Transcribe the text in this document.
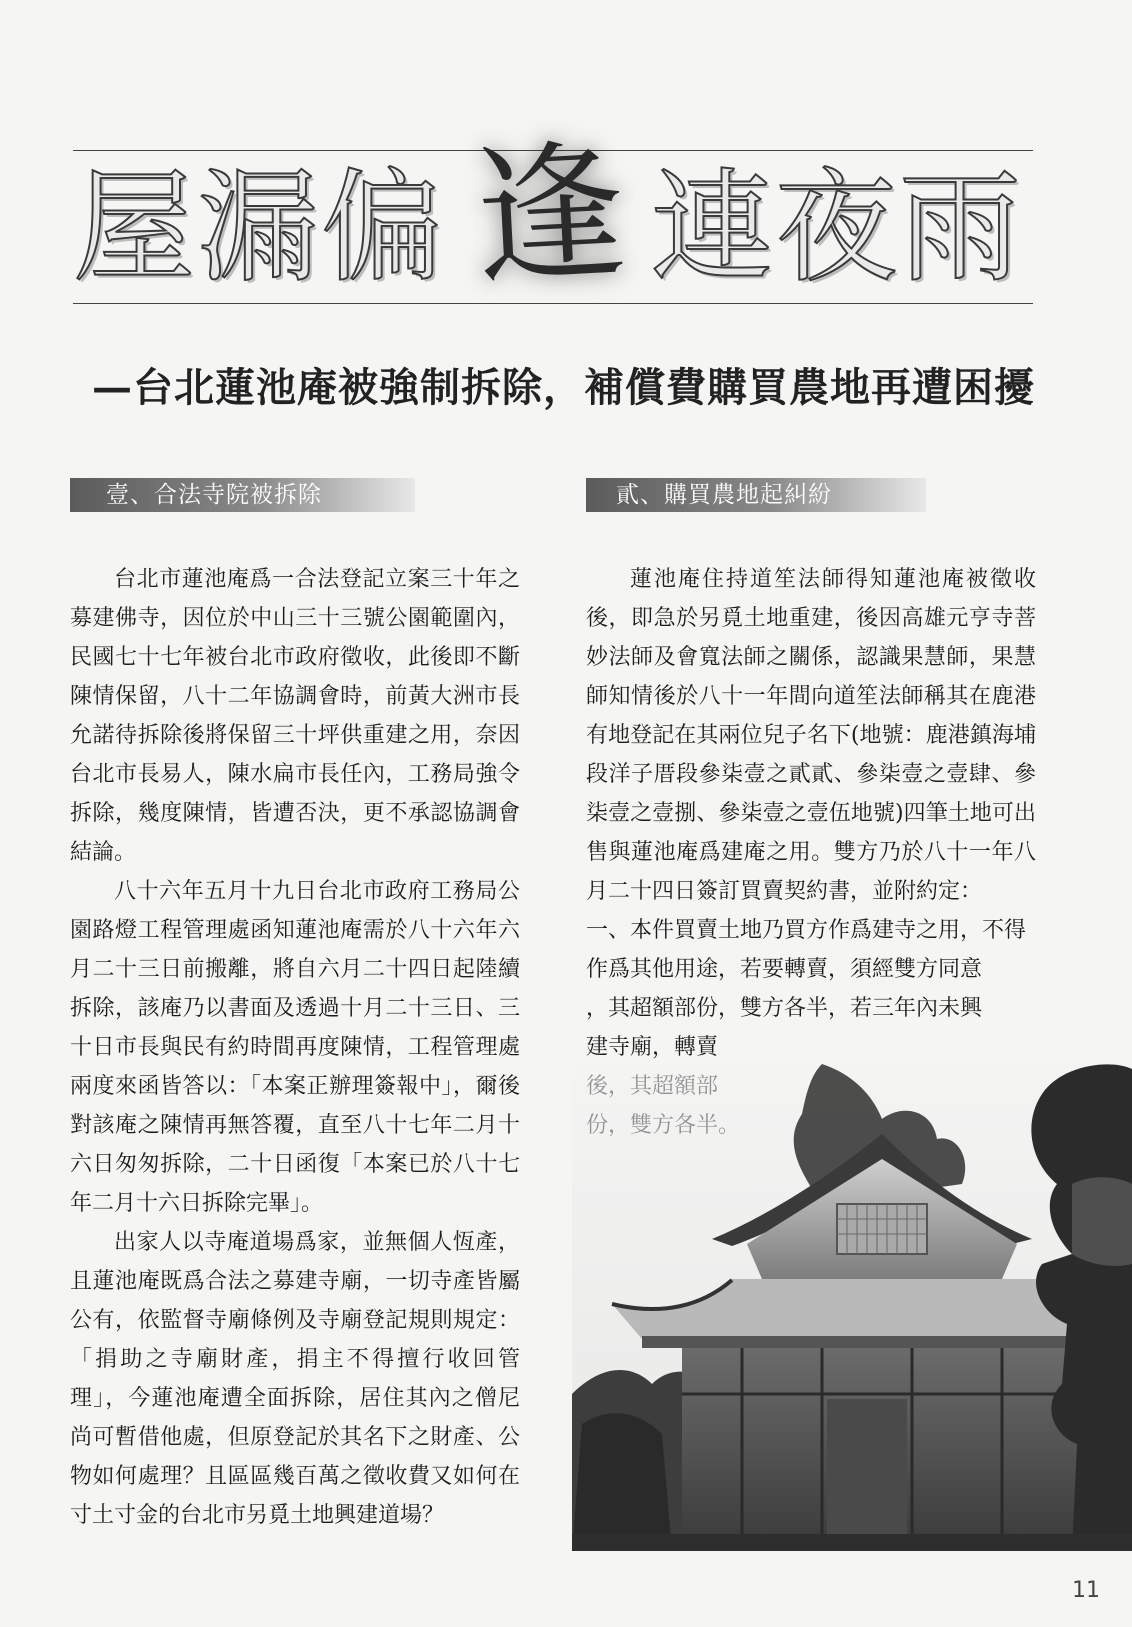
屋漏偏 逢 連夜雨
—台北蓮池庵被強制拆除，補償費購買農地再遭困擾
壹、合法寺院被拆除	貳、購買農地起糾紛

台北市蓮池庵爲一合法登記立案三十年之募建佛寺，因位於中山三十三號公園範圍內，民國七十七年被台北市政府徵收，此後即不斷陳情保留，八十二年協調會時，前黃大洲市長允諾待拆除後將保留三十坪供重建之用，奈因台北市長易人，陳水扁市長任內，工務局強令拆除，幾度陳情，皆遭否決，更不承認協調會結論。

八十六年五月十九日台北市政府工務局公園路燈工程管理處函知蓮池庵需於八十六年六月二十三日前搬離，將自六月二十四日起陸續拆除，該庵乃以書面及透過十月二十三日、三十日市長與民有約時間再度陳情，工程管理處兩度來函皆答以：「本案正辦理簽報中」，爾後對該庵之陳情再無答覆，直至八十七年二月十六日匆匆拆除，二十日函復「本案已於八十七年二月十六日拆除完畢」。

出家人以寺庵道場爲家，並無個人恆產，且蓮池庵既爲合法之募建寺廟，一切寺產皆屬公有，依監督寺廟條例及寺廟登記規則規定：「捐助之寺廟財產，捐主不得擅行收回管理」，今蓮池庵遭全面拆除，居住其內之僧尼尚可暫借他處，但原登記於其名下之財產、公物如何處理？且區區幾百萬之徵收費又如何在寸土寸金的台北市另覓土地興建道場？

蓮池庵住持道笙法師得知蓮池庵被徵收後，即急於另覓土地重建，後因高雄元亨寺菩妙法師及會寬法師之關係，認識果慧師，果慧師知情後於八十一年間向道笙法師稱其在鹿港有地登記在其兩位兒子名下(地號：鹿港鎮海埔段洋子厝段參柒壹之貳貳、參柒壹之壹肆、參柒壹之壹捌、參柒壹之壹伍地號)四筆土地可出售與蓮池庵爲建庵之用。雙方乃於八十一年八月二十四日簽訂買賣契約書，並附約定：

一、本件買賣土地乃買方作爲建寺之用，不得
作爲其他用途，若要轉賣，須經雙方同意
，其超額部份，雙方各半，若三年內未興
建寺廟，轉賣
11
